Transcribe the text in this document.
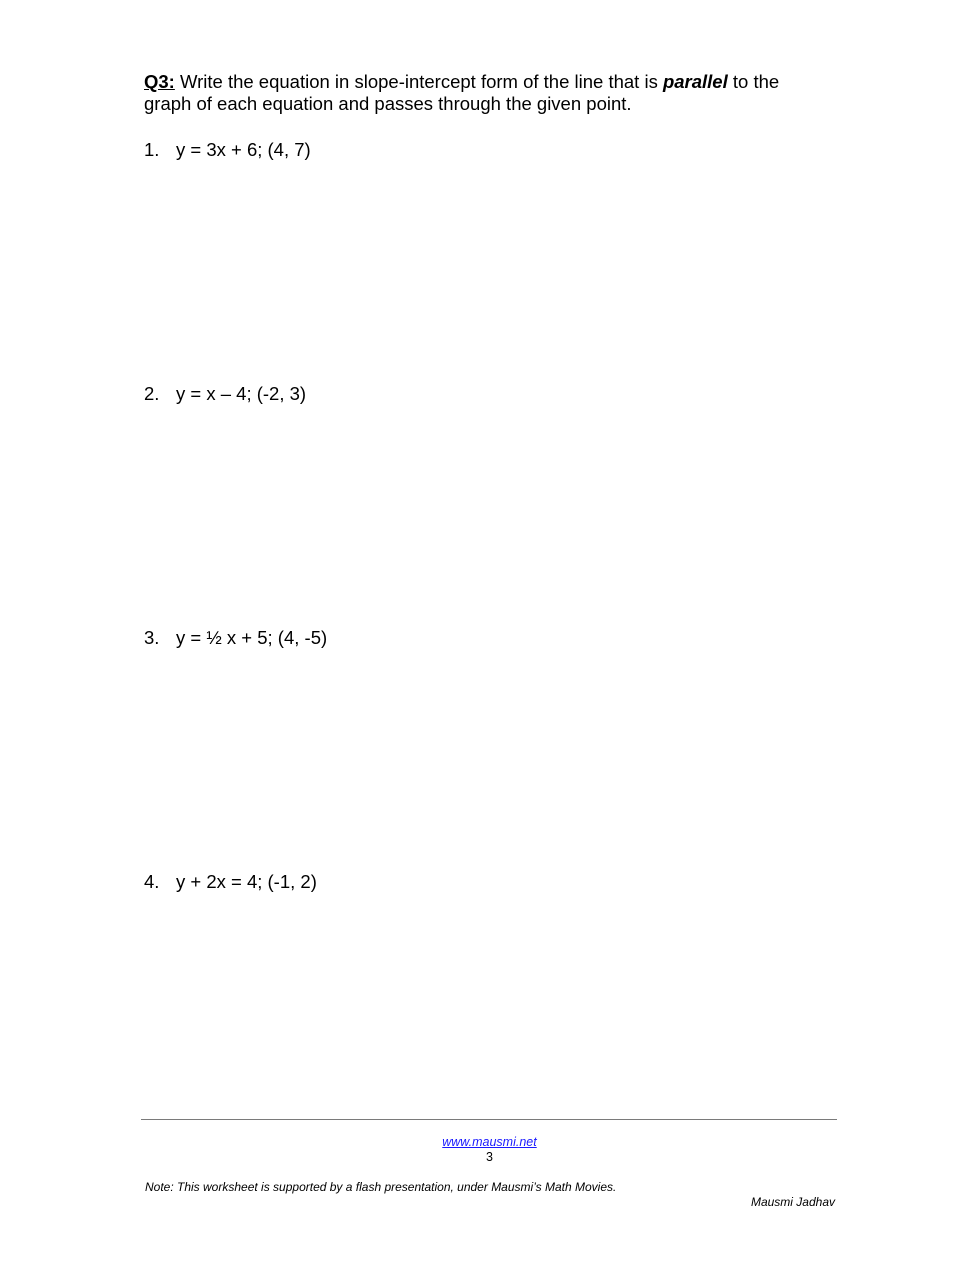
Q3: Write the equation in slope-intercept form of the line that is parallel to the graph of each equation and passes through the given point.
1. y = 3x + 6; (4, 7)
2. y = x – 4; (-2, 3)
3. y = ½ x + 5; (4, -5)
4. y + 2x = 4; (-1, 2)
www.mausmi.net
3
Note: This worksheet is supported by a flash presentation, under Mausmi’s Math Movies.
Mausmi Jadhav
